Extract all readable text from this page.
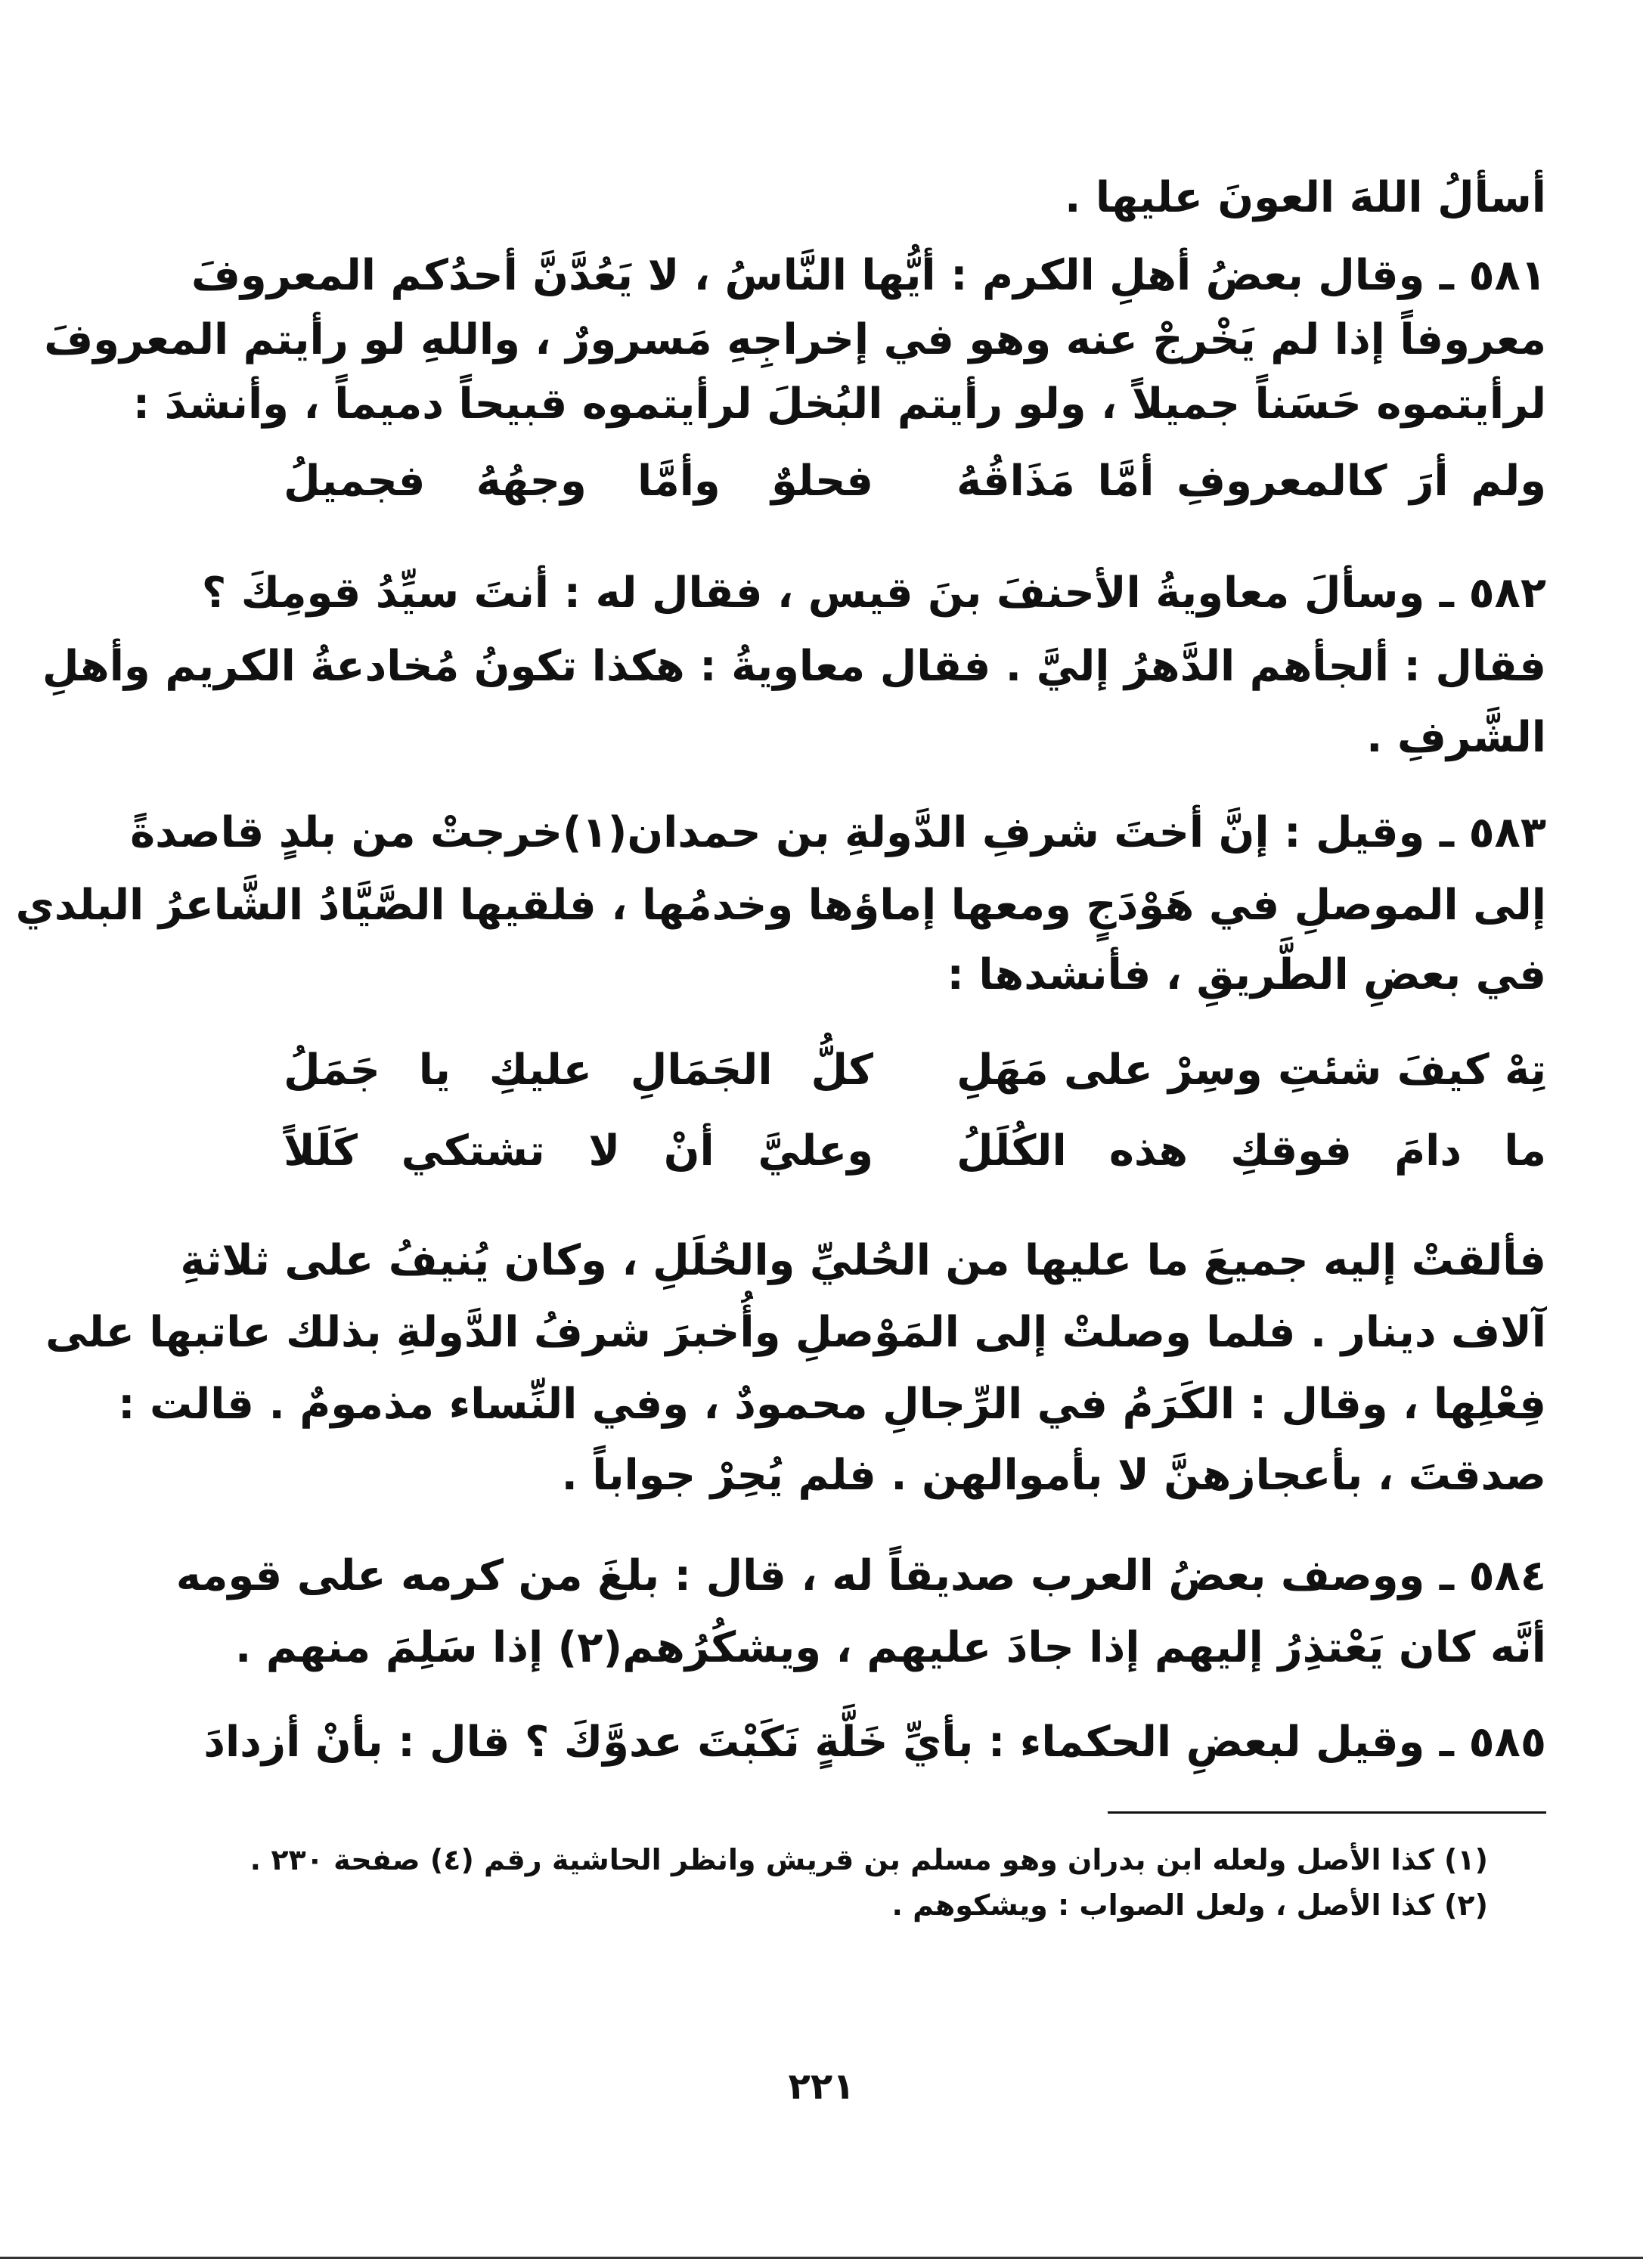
أسألُ اللهَ العونَ عليها .
٥٨١ ـ وقال بعضُ أهلِ الكرم : أيُّها النَّاسُ ، لا يَعُدَّنَّ أحدُكم المعروفَ
معروفاً إذا لم يَخْرجْ عنه وهو في إخراجِهِ مَسرورٌ ، واللهِ لو رأيتم المعروفَ
لرأيتموه حَسَناً جميلاً ، ولو رأيتم البُخلَ لرأيتموه قبيحاً دميماً ، وأنشدَ :
ولم أرَ كالمعروفِ أمَّا مَذَاقُهُ
فحلوٌ وأمَّا وجهُهُ فجميلُ
٥٨٢ ـ وسألَ معاويةُ الأحنفَ بنَ قيس ، فقال له : أنتَ سيِّدُ قومِكَ ؟
فقال : ألجأهم الدَّهرُ إليَّ . فقال معاويةُ : هكذا تكونُ مُخادعةُ الكريم وأهلِ
الشَّرفِ .
٥٨٣ ـ وقيل : إنَّ أختَ شرفِ الدَّولةِ بن حمدان(١)خرجتْ من بلدٍ قاصدةً
إلى الموصلِ في هَوْدَجٍ ومعها إماؤها وخدمُها ، فلقيها الصَّيَّادُ الشَّاعرُ البلدي
في بعضِ الطَّريقِ ، فأنشدها :
تِهْ كيفَ شئتِ وسِرْ على مَهَلِ
كلُّ الجَمَالِ عليكِ يا جَمَلُ
ما دامَ فوقكِ هذه الكُلَلُ
وعليَّ أنْ لا تشتكي كَلَلاً
فألقتْ إليه جميعَ ما عليها من الحُليِّ والحُلَلِ ، وكان يُنيفُ على ثلاثةِ
آلاف دينار . فلما وصلتْ إلى المَوْصلِ وأُخبرَ شرفُ الدَّولةِ بذلك عاتبها على
فِعْلِها ، وقال : الكَرَمُ في الرِّجالِ محمودٌ ، وفي النِّساء مذمومٌ . قالت :
صدقتَ ، بأعجازهنَّ لا بأموالهن . فلم يُحِرْ جواباً .
٥٨٤ ـ ووصف بعضُ العرب صديقاً له ، قال : بلغَ من كرمه على قومه
أنَّه كان يَعْتذِرُ إليهم إذا جادَ عليهم ، ويشكُرُهم(٢) إذا سَلِمَ منهم .
٥٨٥ ـ وقيل لبعضِ الحكماء : بأيِّ خَلَّةٍ نَكَبْتَ عدوَّكَ ؟ قال : بأنْ أزدادَ
(١) كذا الأصل ولعله ابن بدران وهو مسلم بن قريش وانظر الحاشية رقم (٤) صفحة ٢٣٠ .
(٢) كذا الأصل ، ولعل الصواب : ويشكوهم .
٢٢١
